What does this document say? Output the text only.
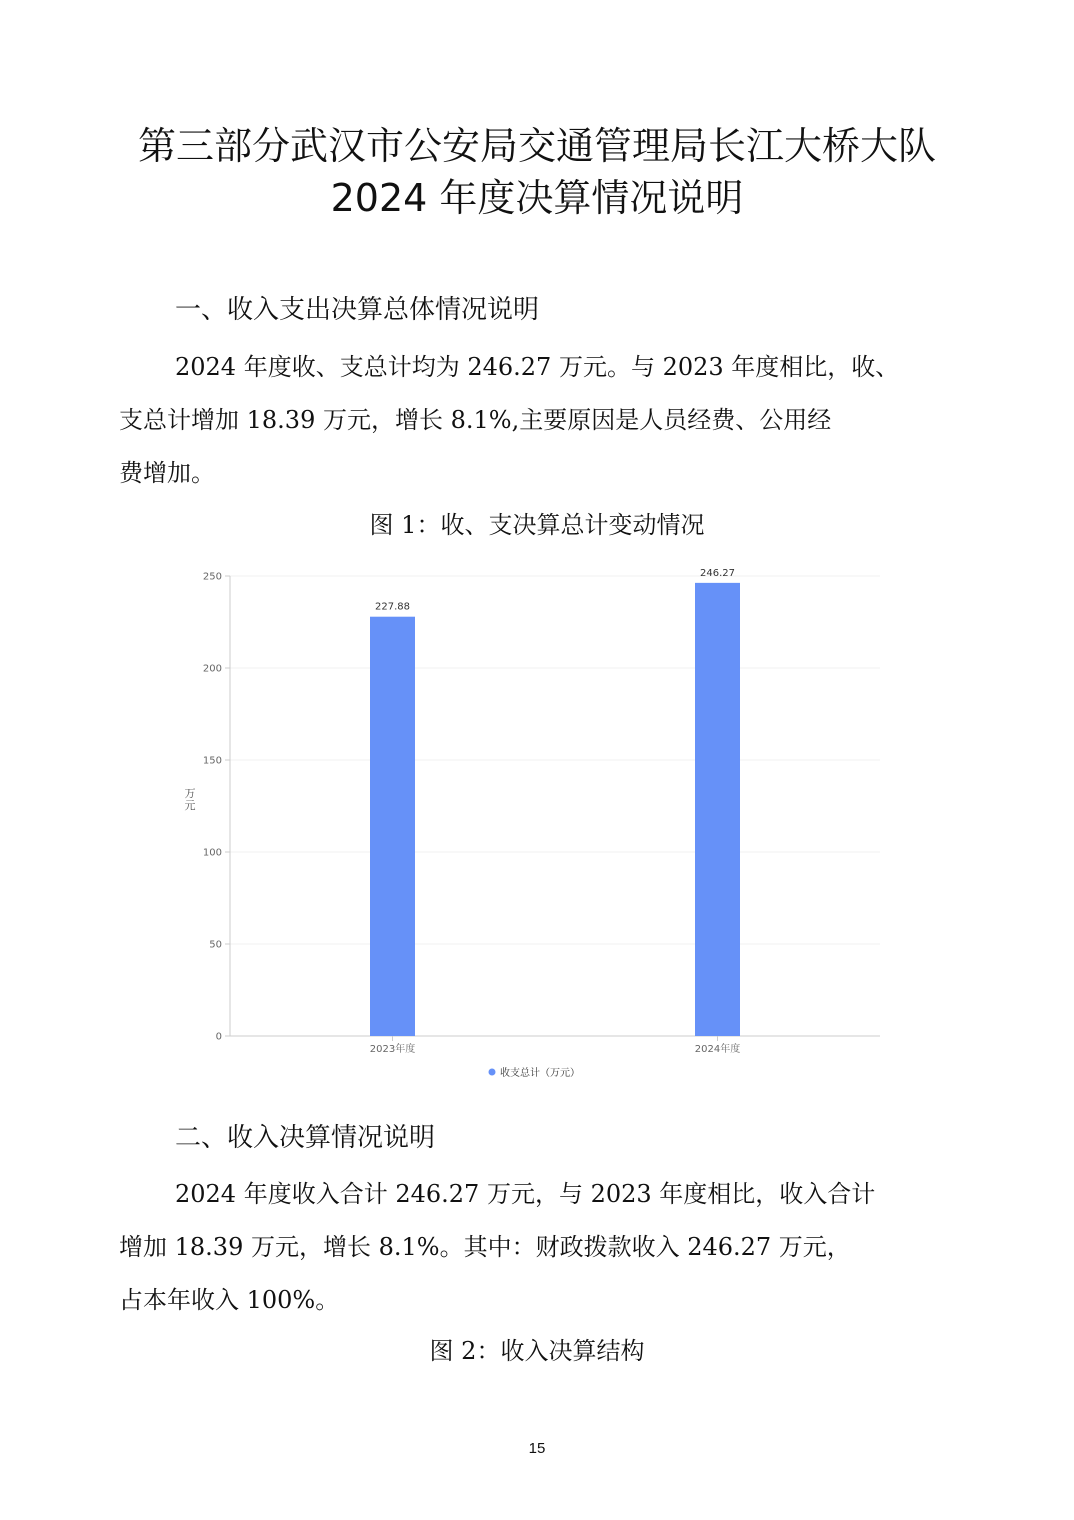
第三部分武汉市公安局交通管理局长江大桥大队
2024 年度决算情况说明
一、收入支出决算总体情况说明
2024 年度收、支总计均为 246.27 万元。与 2023 年度相比，收、
支总计增加 18.39 万元，增长 8.1%,主要原因是人员经费、公用经
费增加。
图 1：收、支决算总计变动情况
0
50
100
150
200
250
227.88
246.27
2023年度	2024年度
万元
收支总计（万元）
二、收入决算情况说明
2024 年度收入合计 246.27 万元，与 2023 年度相比，收入合计
增加 18.39 万元，增长 8.1%。其中：财政拨款收入 246.27 万元，
占本年收入 100%。
图 2：收入决算结构
15
